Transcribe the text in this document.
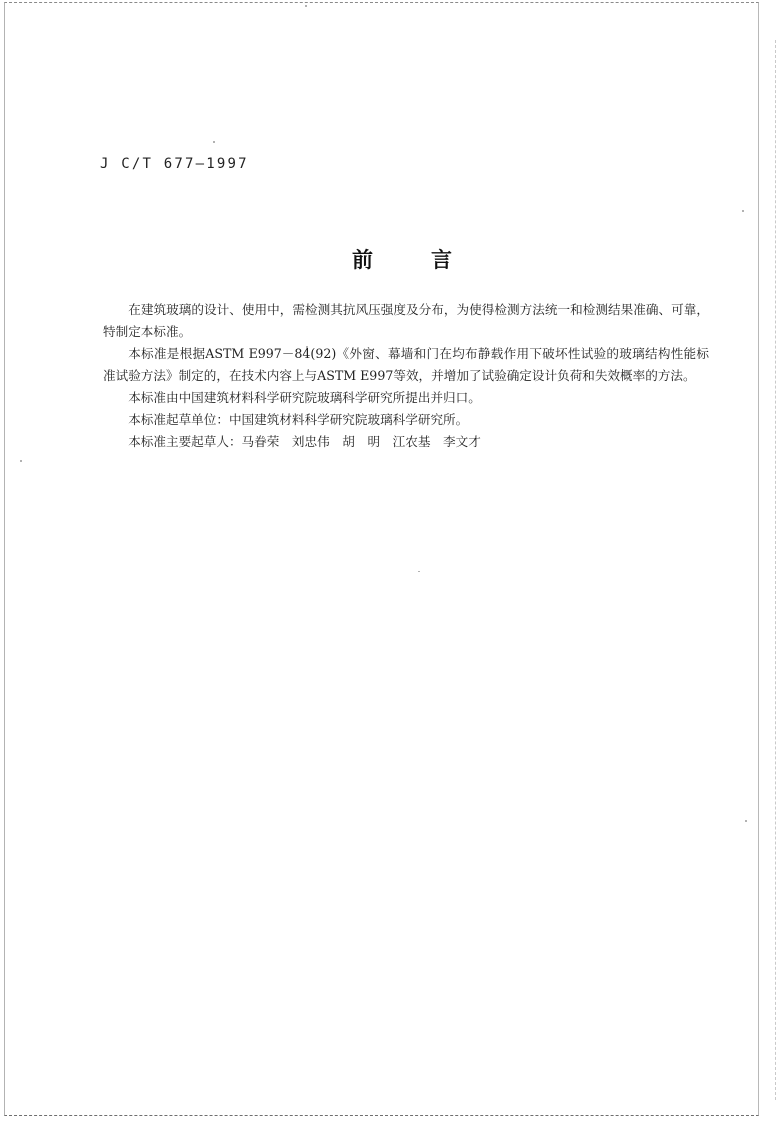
J C/T 677—1997
前言

在建筑玻璃的设计、使用中，需检测其抗风压强度及分布，为使得检测方法统一和检测结果准确、可靠，特制定本标准。

本标准是根据ASTM E997－84(92)《外窗、幕墙和门在均布静载作用下破坏性试验的玻璃结构性能标准试验方法》制定的，在技术内容上与ASTM E997等效，并增加了试验确定设计负荷和失效概率的方法。

本标准由中国建筑材料科学研究院玻璃科学研究所提出并归口。

本标准起草单位：中国建筑材料科学研究院玻璃科学研究所。

本标准主要起草人：马眷荣　刘忠伟　胡　明　江农基　李文才
